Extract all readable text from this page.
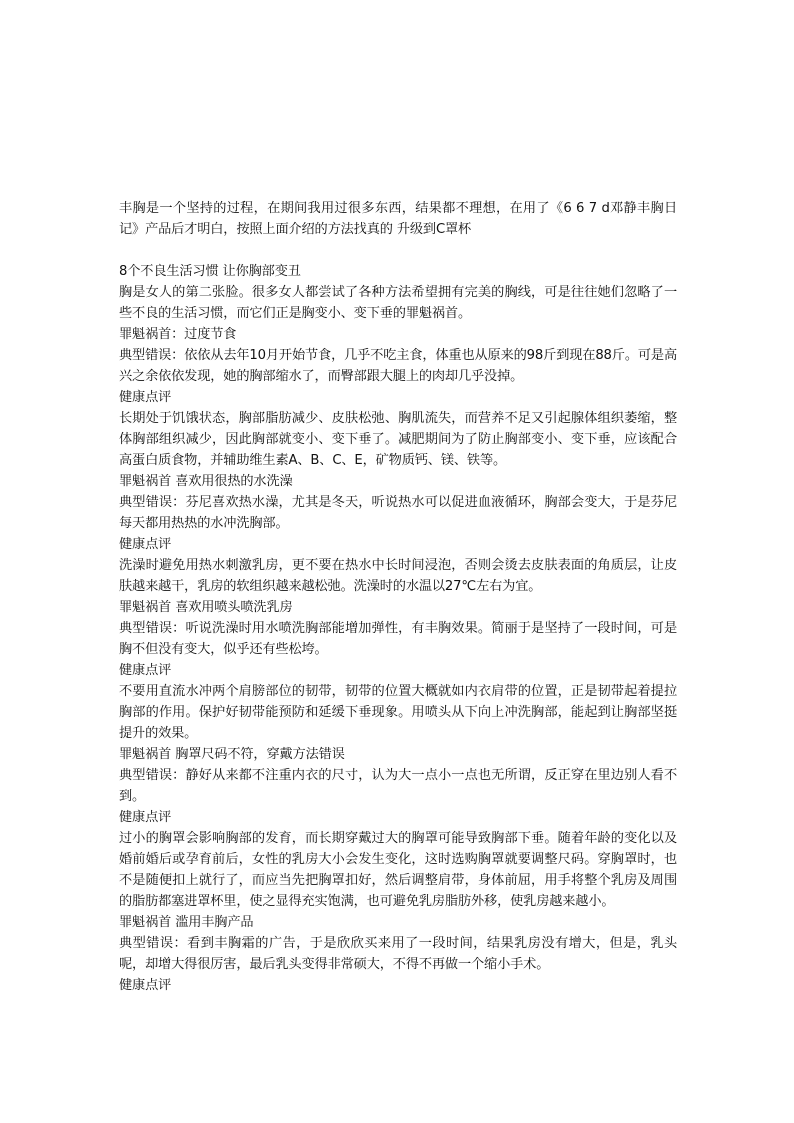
丰胸是一个坚持的过程，在期间我用过很多东西，结果都不理想，在用了《6 6 7 d邓静丰胸日记》产品后才明白，按照上面介绍的方法找真的 升级到C罩杯

8个不良生活习惯 让你胸部变丑

胸是女人的第二张脸。很多女人都尝试了各种方法希望拥有完美的胸线，可是往往她们忽略了一些不良的生活习惯，而它们正是胸变小、变下垂的罪魁祸首。

罪魁祸首：过度节食

典型错误：依依从去年10月开始节食，几乎不吃主食，体重也从原来的98斤到现在88斤。可是高兴之余依依发现，她的胸部缩水了，而臀部跟大腿上的肉却几乎没掉。

健康点评

长期处于饥饿状态，胸部脂肪减少、皮肤松弛、胸肌流失，而营养不足又引起腺体组织萎缩，整体胸部组织减少，因此胸部就变小、变下垂了。减肥期间为了防止胸部变小、变下垂，应该配合高蛋白质食物，并辅助维生素A、B、C、E，矿物质钙、镁、铁等。

罪魁祸首 喜欢用很热的水洗澡

典型错误：芬尼喜欢热水澡，尤其是冬天，听说热水可以促进血液循环，胸部会变大，于是芬尼每天都用热热的水冲洗胸部。

健康点评

洗澡时避免用热水刺激乳房，更不要在热水中长时间浸泡，否则会烫去皮肤表面的角质层，让皮肤越来越干，乳房的软组织越来越松弛。洗澡时的水温以27℃左右为宜。

罪魁祸首 喜欢用喷头喷洗乳房

典型错误：听说洗澡时用水喷洗胸部能增加弹性，有丰胸效果。简丽于是坚持了一段时间，可是胸不但没有变大，似乎还有些松垮。

健康点评

不要用直流水冲两个肩膀部位的韧带，韧带的位置大概就如内衣肩带的位置，正是韧带起着提拉胸部的作用。保护好韧带能预防和延缓下垂现象。用喷头从下向上冲洗胸部，能起到让胸部坚挺提升的效果。

罪魁祸首 胸罩尺码不符，穿戴方法错误

典型错误：静好从来都不注重内衣的尺寸，认为大一点小一点也无所谓，反正穿在里边别人看不到。

健康点评

过小的胸罩会影响胸部的发育，而长期穿戴过大的胸罩可能导致胸部下垂。随着年龄的变化以及婚前婚后或孕育前后，女性的乳房大小会发生变化，这时选购胸罩就要调整尺码。穿胸罩时，也不是随便扣上就行了，而应当先把胸罩扣好，然后调整肩带，身体前屈，用手将整个乳房及周围的脂肪都塞进罩杯里，使之显得充实饱满，也可避免乳房脂肪外移，使乳房越来越小。

罪魁祸首 滥用丰胸产品

典型错误：看到丰胸霜的广告，于是欣欣买来用了一段时间，结果乳房没有增大，但是，乳头呢，却增大得很厉害，最后乳头变得非常硕大，不得不再做一个缩小手术。

健康点评
